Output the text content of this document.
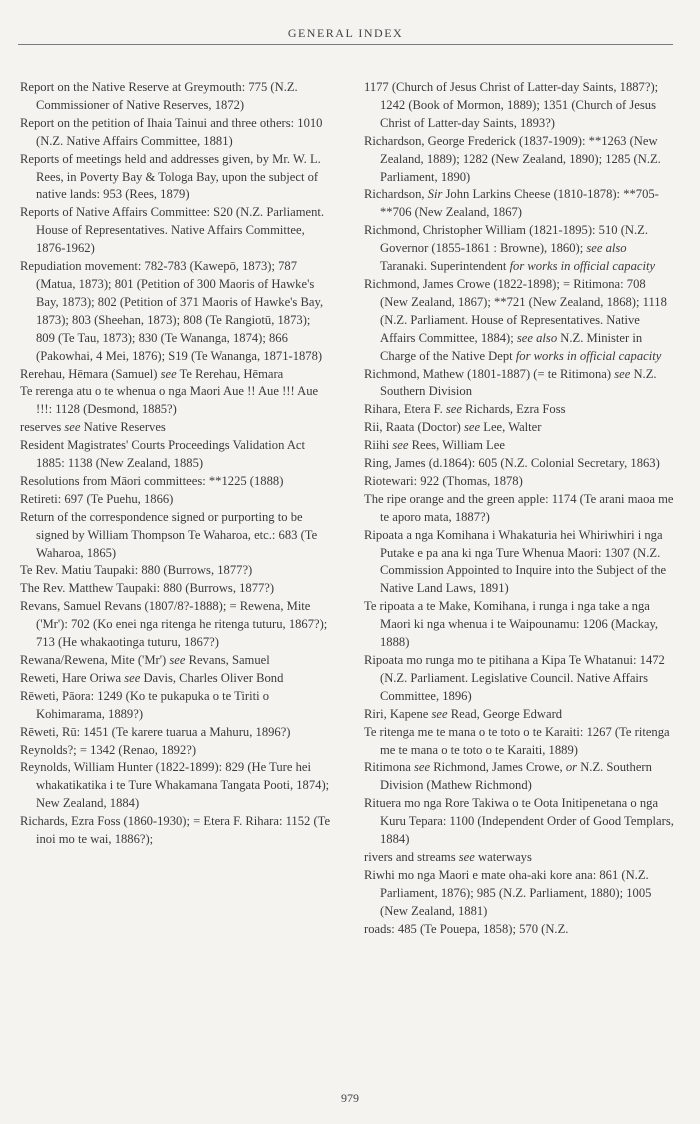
GENERAL INDEX

Report on the Native Reserve at Greymouth: 775 (N.Z. Commissioner of Native Reserves, 1872)

Report on the petition of Ihaia Tainui and three others: 1010 (N.Z. Native Affairs Committee, 1881)

Reports of meetings held and addresses given, by Mr. W. L. Rees, in Poverty Bay & Tologa Bay, upon the subject of native lands: 953 (Rees, 1879)

Reports of Native Affairs Committee: S20 (N.Z. Parliament. House of Representatives. Native Affairs Committee, 1876-1962)

Repudiation movement: 782-783 (Kawepō, 1873); 787 (Matua, 1873); 801 (Petition of 300 Maoris of Hawke's Bay, 1873); 802 (Petition of 371 Maoris of Hawke's Bay, 1873); 803 (Sheehan, 1873); 808 (Te Rangiotū, 1873); 809 (Te Tau, 1873); 830 (Te Wananga, 1874); 866 (Pakowhai, 4 Mei, 1876); S19 (Te Wananga, 1871-1878)

Rerehau, Hēmara (Samuel) see Te Rerehau, Hēmara

Te rerenga atu o te whenua o nga Maori Aue !! Aue !!! Aue !!!: 1128 (Desmond, 1885?)

reserves see Native Reserves

Resident Magistrates' Courts Proceedings Validation Act 1885: 1138 (New Zealand, 1885)

Resolutions from Māori committees: **1225 (1888)

Retireti: 697 (Te Puehu, 1866)

Return of the correspondence signed or purporting to be signed by William Thompson Te Waharoa, etc.: 683 (Te Waharoa, 1865)

Te Rev. Matiu Taupaki: 880 (Burrows, 1877?)

The Rev. Matthew Taupaki: 880 (Burrows, 1877?)

Revans, Samuel Revans (1807/8?-1888); = Rewena, Mite ('Mr'): 702 (Ko enei nga ritenga he ritenga tuturu, 1867?); 713 (He whakaotinga tuturu, 1867?)

Rewana/Rewena, Mite ('Mr') see Revans, Samuel

Reweti, Hare Oriwa see Davis, Charles Oliver Bond

Rēweti, Pāora: 1249 (Ko te pukapuka o te Tiriti o Kohimarama, 1889?)

Rēweti, Rū: 1451 (Te karere tuarua a Mahuru, 1896?)

Reynolds?; = 1342 (Renao, 1892?)

Reynolds, William Hunter (1822-1899): 829 (He Ture hei whakatikatika i te Ture Whakamana Tangata Pooti, 1874); New Zealand, 1884)

Richards, Ezra Foss (1860-1930); = Etera F. Rihara: 1152 (Te inoi mo te wai, 1886?);

1177 (Church of Jesus Christ of Latter-day Saints, 1887?); 1242 (Book of Mormon, 1889); 1351 (Church of Jesus Christ of Latter-day Saints, 1893?)

Richardson, George Frederick (1837-1909): **1263 (New Zealand, 1889); 1282 (New Zealand, 1890); 1285 (N.Z. Parliament, 1890)

Richardson, Sir John Larkins Cheese (1810-1878): **705-**706 (New Zealand, 1867)

Richmond, Christopher William (1821-1895): 510 (N.Z. Governor (1855-1861 : Browne), 1860); see also Taranaki. Superintendent for works in official capacity

Richmond, James Crowe (1822-1898); = Ritimona: 708 (New Zealand, 1867); **721 (New Zealand, 1868); 1118 (N.Z. Parliament. House of Representatives. Native Affairs Committee, 1884); see also N.Z. Minister in Charge of the Native Dept for works in official capacity

Richmond, Mathew (1801-1887) (= te Ritimona) see N.Z. Southern Division

Rihara, Etera F. see Richards, Ezra Foss

Rii, Raata (Doctor) see Lee, Walter

Riihi see Rees, William Lee

Ring, James (d.1864): 605 (N.Z. Colonial Secretary, 1863)

Riotewari: 922 (Thomas, 1878)

The ripe orange and the green apple: 1174 (Te arani maoa me te aporo mata, 1887?)

Ripoata a nga Komihana i Whakaturia hei Whiriwhiri i nga Putake e pa ana ki nga Ture Whenua Maori: 1307 (N.Z. Commission Appointed to Inquire into the Subject of the Native Land Laws, 1891)

Te ripoata a te Make, Komihana, i runga i nga take a nga Maori ki nga whenua i te Waipounamu: 1206 (Mackay, 1888)

Ripoata mo runga mo te pitihana a Kipa Te Whatanui: 1472 (N.Z. Parliament. Legislative Council. Native Affairs Committee, 1896)

Riri, Kapene see Read, George Edward

Te ritenga me te mana o te toto o te Karaiti: 1267 (Te ritenga me te mana o te toto o te Karaiti, 1889)

Ritimona see Richmond, James Crowe, or N.Z. Southern Division (Mathew Richmond)

Rituera mo nga Rore Takiwa o te Oota Initipenetana o nga Kuru Tepara: 1100 (Independent Order of Good Templars, 1884)

rivers and streams see waterways

Riwhi mo nga Maori e mate oha-aki kore ana: 861 (N.Z. Parliament, 1876); 985 (N.Z. Parliament, 1880); 1005 (New Zealand, 1881)

roads: 485 (Te Pouepa, 1858); 570 (N.Z.

979
